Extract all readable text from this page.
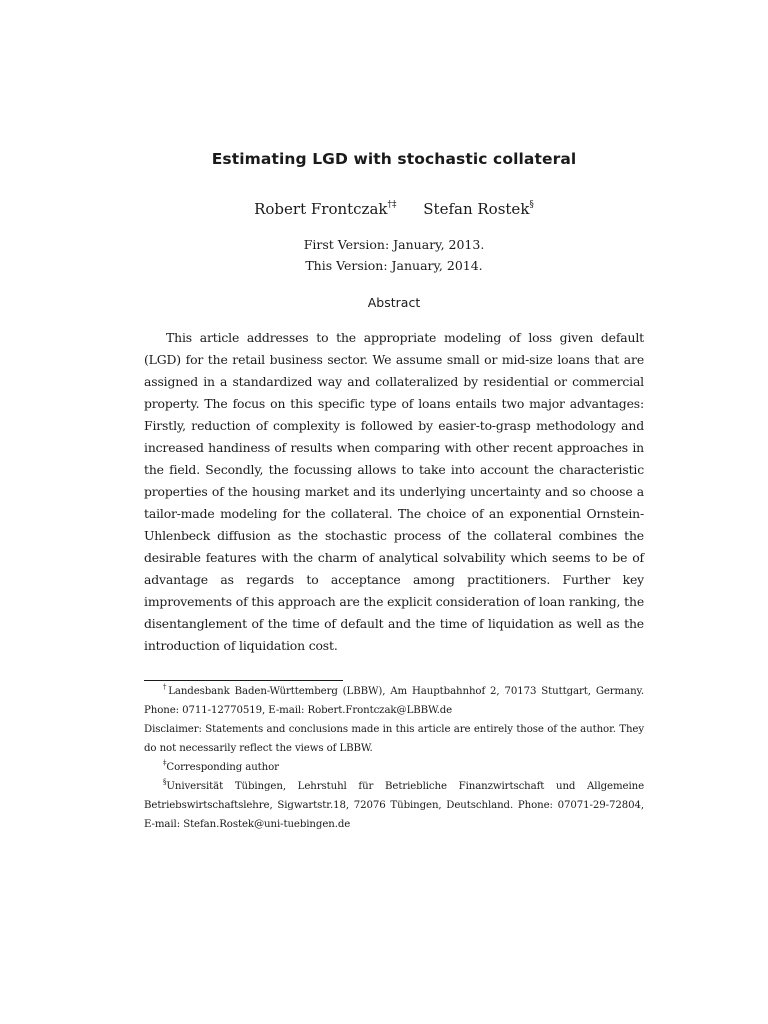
Estimating LGD with stochastic collateral
Robert Frontczak†‡ Stefan Rostek§
First Version: January, 2013.
This Version: January, 2014.
Abstract

This article addresses to the appropriate modeling of loss given default (LGD) for the retail business sector. We assume small or mid-size loans that are assigned in a standardized way and collateralized by residential or commercial property. The focus on this specific type of loans entails two major advantages: Firstly, reduction of complexity is followed by easier-to-grasp methodology and increased handiness of results when comparing with other recent approaches in the field. Secondly, the focussing allows to take into account the characteristic properties of the housing market and its underlying uncertainty and so choose a tailor-made modeling for the collateral. The choice of an exponential Ornstein-Uhlenbeck diffusion as the stochastic process of the collateral combines the desirable features with the charm of analytical solvability which seems to be of advantage as regards to acceptance among practitioners. Further key improvements of this approach are the explicit consideration of loan ranking, the disentanglement of the time of default and the time of liquidation as well as the introduction of liquidation cost.

†Landesbank Baden-Württemberg (LBBW), Am Hauptbahnhof 2, 70173 Stuttgart, Germany. Phone: 0711-12770519, E-mail: Robert.Frontczak@LBBW.de

Disclaimer: Statements and conclusions made in this article are entirely those of the author. They do not necessarily reflect the views of LBBW.

‡Corresponding author

§Universität Tübingen, Lehrstuhl für Betriebliche Finanzwirtschaft und Allgemeine Betriebswirtschaftslehre, Sigwartstr.18, 72076 Tübingen, Deutschland. Phone: 07071-29-72804, E-mail: Stefan.Rostek@uni-tuebingen.de
